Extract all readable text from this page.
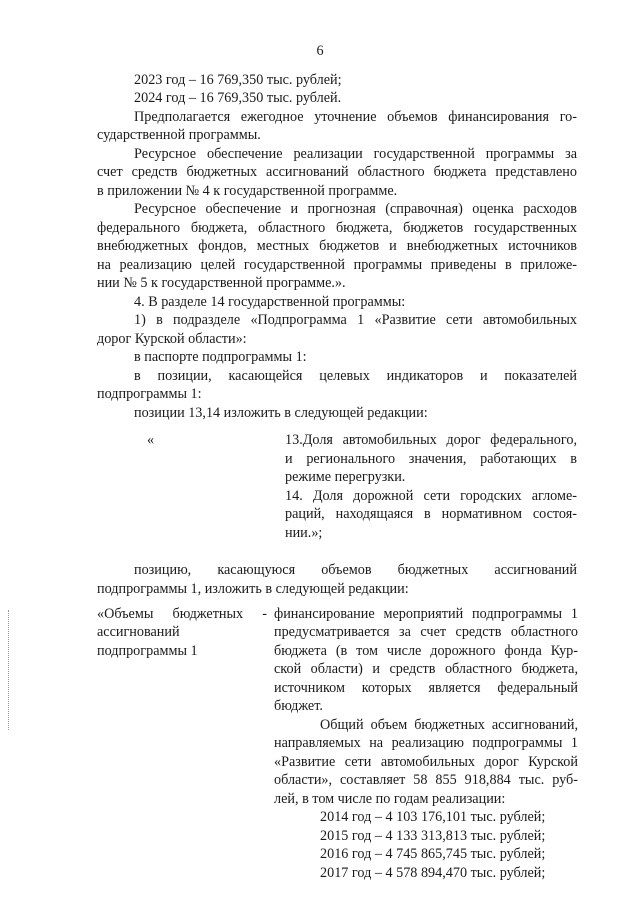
6
2023 год – 16 769,350 тыс. рублей;
2024 год – 16 769,350 тыс. рублей.
Предполагается ежегодное уточнение объемов финансирования го-
сударственной программы.
Ресурсное обеспечение реализации государственной программы за
счет средств бюджетных ассигнований областного бюджета представлено
в приложении № 4 к государственной программе.
Ресурсное обеспечение и прогнозная (справочная) оценка расходов
федерального бюджета, областного бюджета, бюджетов государственных
внебюджетных фондов, местных бюджетов и внебюджетных источников
на реализацию целей государственной программы приведены в приложе-
нии № 5 к государственной программе.».
4. В разделе 14 государственной программы:
1) в подразделе «Подпрограмма 1 «Развитие сети автомобильных
дорог Курской области»:
в паспорте подпрограммы 1:
в позиции, касающейся целевых индикаторов и показателей
подпрограммы 1:
позиции 13,14 изложить в следующей редакции:
«	13.Доля автомобильных дорог федерального,
и регионального значения, работающих в
режиме перегрузки.
14. Доля дорожной сети городских агломе-
раций, находящаяся в нормативном состоя-
нии.»;
позицию, касающуюся объемов бюджетных ассигнований
подпрограммы 1, изложить в следующей редакции:
«Объемы бюджетных -
ассигнований
подпрограммы 1
финансирование мероприятий подпрограммы 1
предусматривается за счет средств областного
бюджета (в том числе дорожного фонда Кур-
ской области) и средств областного бюджета,
источником которых является федеральный
бюджет.
Общий объем бюджетных ассигнований,
направляемых на реализацию подпрограммы 1
«Развитие сети автомобильных дорог Курской
области», составляет 58 855 918,884 тыс. руб-
лей, в том числе по годам реализации:
2014 год – 4 103 176,101 тыс. рублей;
2015 год – 4 133 313,813 тыс. рублей;
2016 год – 4 745 865,745 тыс. рублей;
2017 год – 4 578 894,470 тыс. рублей;
